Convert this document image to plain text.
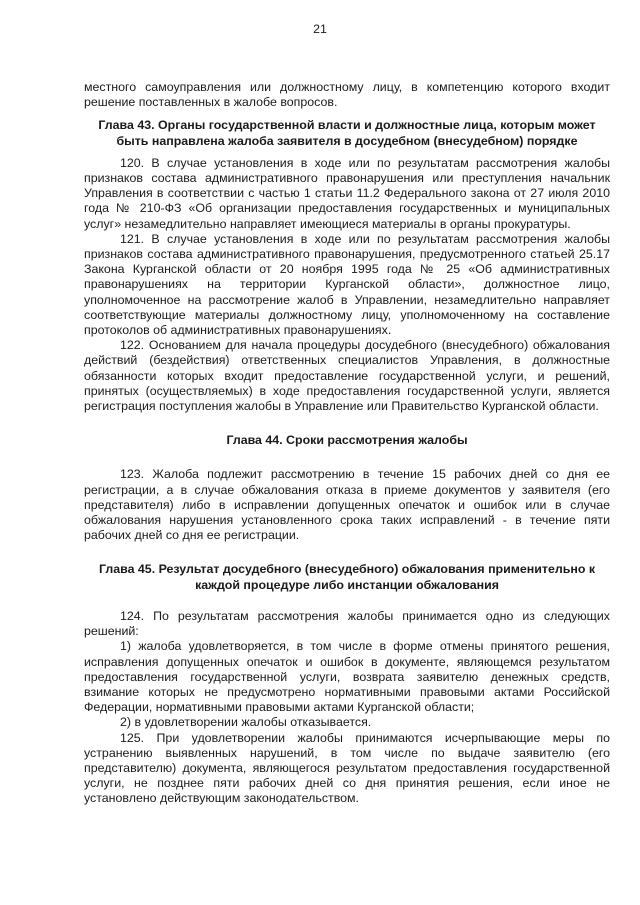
21

местного самоуправления или должностному лицу, в компетенцию которого входит решение поставленных в жалобе вопросов.

Глава 43. Органы государственной власти и должностные лица, которым может быть направлена жалоба заявителя в досудебном (внесудебном) порядке

120. В случае установления в ходе или по результатам рассмотрения жалобы признаков состава административного правонарушения или преступления начальник Управления в соответствии с частью 1 статьи 11.2 Федерального закона от 27 июля 2010 года № 210-ФЗ «Об организации предоставления государственных и муниципальных услуг» незамедлительно направляет имеющиеся материалы в органы прокуратуры.

121. В случае установления в ходе или по результатам рассмотрения жалобы признаков состава административного правонарушения, предусмотренного статьей 25.17 Закона Курганской области от 20 ноября 1995 года № 25 «Об административных правонарушениях на территории Курганской области», должностное лицо, уполномоченное на рассмотрение жалоб в Управлении, незамедлительно направляет соответствующие материалы должностному лицу, уполномоченному на составление протоколов об административных правонарушениях.

122. Основанием для начала процедуры досудебного (внесудебного) обжалования действий (бездействия) ответственных специалистов Управления, в должностные обязанности которых входит предоставление государственной услуги, и решений, принятых (осуществляемых) в ходе предоставления государственной услуги, является регистрация поступления жалобы в Управление или Правительство Курганской области.

Глава 44. Сроки рассмотрения жалобы

123. Жалоба подлежит рассмотрению в течение 15 рабочих дней со дня ее регистрации, а в случае обжалования отказа в приеме документов у заявителя (его представителя) либо в исправлении допущенных опечаток и ошибок или в случае обжалования нарушения установленного срока таких исправлений - в течение пяти рабочих дней со дня ее регистрации.

Глава 45. Результат досудебного (внесудебного) обжалования применительно к каждой процедуре либо инстанции обжалования

124. По результатам рассмотрения жалобы принимается одно из следующих решений:

1) жалоба удовлетворяется, в том числе в форме отмены принятого решения, исправления допущенных опечаток и ошибок в документе, являющемся результатом предоставления государственной услуги, возврата заявителю денежных средств, взимание которых не предусмотрено нормативными правовыми актами Российской Федерации, нормативными правовыми актами Курганской области;

2) в удовлетворении жалобы отказывается.

125. При удовлетворении жалобы принимаются исчерпывающие меры по устранению выявленных нарушений, в том числе по выдаче заявителю (его представителю) документа, являющегося результатом предоставления государственной услуги, не позднее пяти рабочих дней со дня принятия решения, если иное не установлено действующим законодательством.
